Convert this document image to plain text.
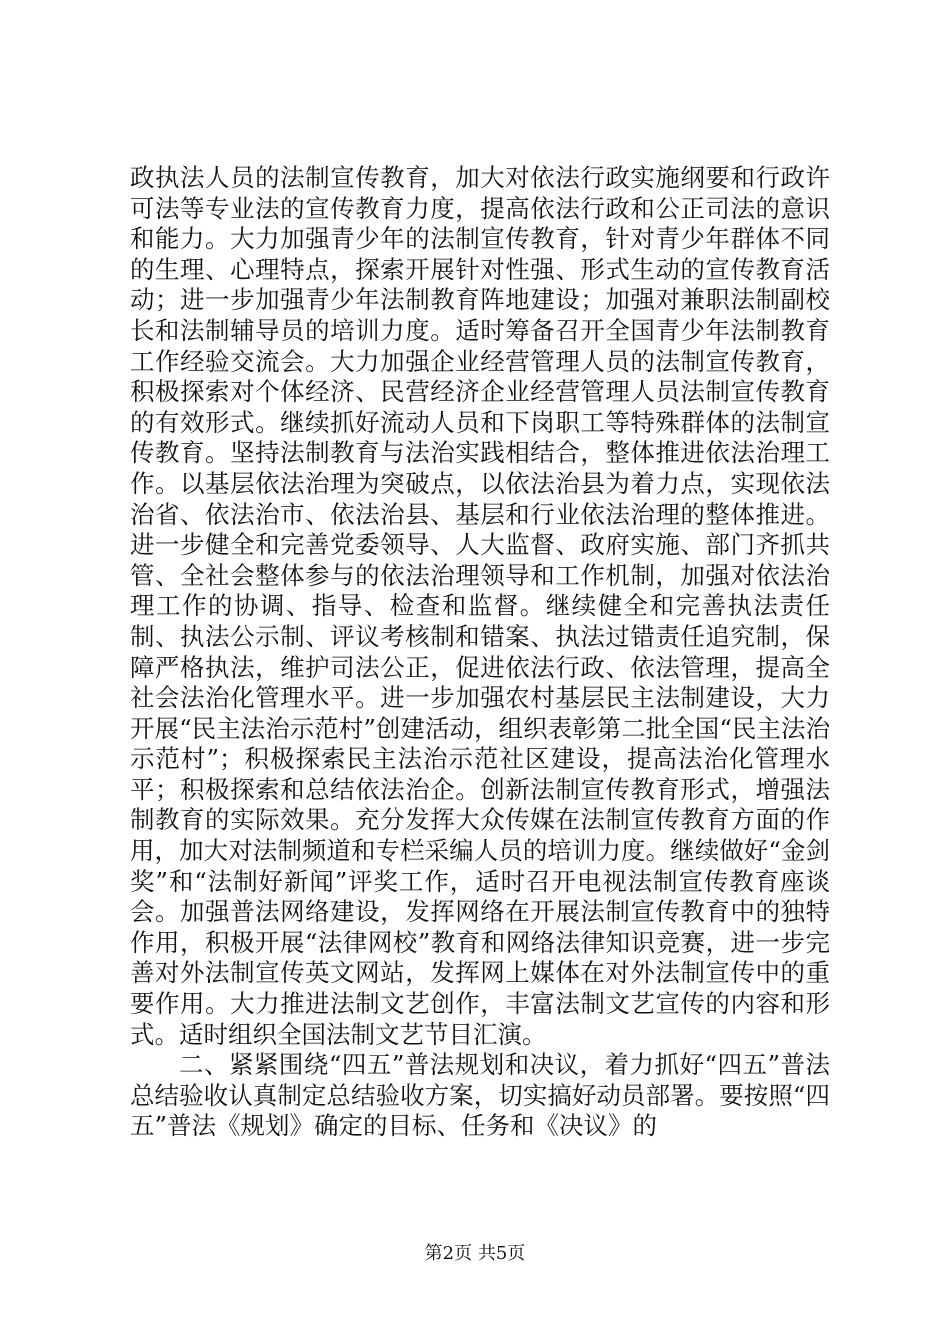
政执法人员的法制宣传教育，加大对依法行政实施纲要和行政许可法等专业法的宣传教育力度，提高依法行政和公正司法的意识和能力。大力加强青少年的法制宣传教育，针对青少年群体不同的生理、心理特点，探索开展针对性强、形式生动的宣传教育活动；进一步加强青少年法制教育阵地建设；加强对兼职法制副校长和法制辅导员的培训力度。适时筹备召开全国青少年法制教育工作经验交流会。大力加强企业经营管理人员的法制宣传教育，积极探索对个体经济、民营经济企业经营管理人员法制宣传教育的有效形式。继续抓好流动人员和下岗职工等特殊群体的法制宣传教育。坚持法制教育与法治实践相结合，整体推进依法治理工作。以基层依法治理为突破点，以依法治县为着力点，实现依法治省、依法治市、依法治县、基层和行业依法治理的整体推进。进一步健全和完善党委领导、人大监督、政府实施、部门齐抓共管、全社会整体参与的依法治理领导和工作机制，加强对依法治理工作的协调、指导、检查和监督。继续健全和完善执法责任制、执法公示制、评议考核制和错案、执法过错责任追究制，保障严格执法，维护司法公正，促进依法行政、依法管理，提高全社会法治化管理水平。进一步加强农村基层民主法制建设，大力开展“民主法治示范村”创建活动，组织表彰第二批全国“民主法治示范村”；积极探索民主法治示范社区建设，提高法治化管理水平；积极探索和总结依法治企。创新法制宣传教育形式，增强法制教育的实际效果。充分发挥大众传媒在法制宣传教育方面的作用，加大对法制频道和专栏采编人员的培训力度。继续做好“金剑奖”和“法制好新闻”评奖工作，适时召开电视法制宣传教育座谈会。加强普法网络建设，发挥网络在开展法制宣传教育中的独特作用，积极开展“法律网校”教育和网络法律知识竞赛，进一步完善对外法制宣传英文网站，发挥网上媒体在对外法制宣传中的重要作用。大力推进法制文艺创作，丰富法制文艺宣传的内容和形式。适时组织全国法制文艺节目汇演。

二、紧紧围绕“四五”普法规划和决议，着力抓好“四五”普法总结验收认真制定总结验收方案，切实搞好动员部署。要按照“四五”普法《规划》确定的目标、任务和《决议》的

第2页 共5页
